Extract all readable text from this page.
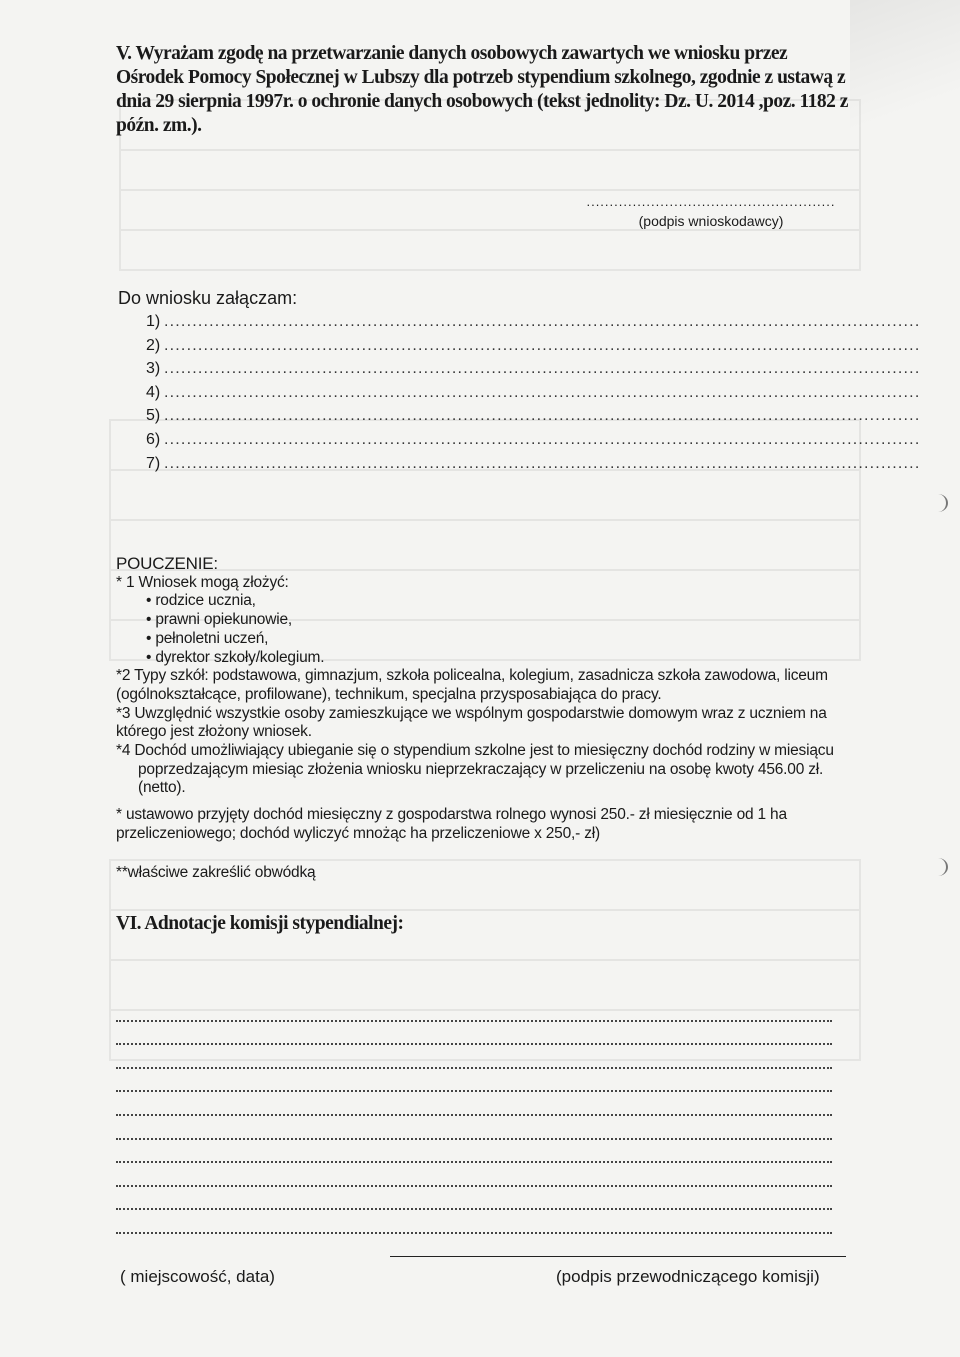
V. Wyrażam zgodę na przetwarzanie danych osobowych zawartych we wniosku przez Ośrodek Pomocy Społecznej w Lubszy dla potrzeb stypendium szkolnego, zgodnie z ustawą z dnia 29 sierpnia 1997r. o ochronie danych osobowych (tekst jednolity: Dz. U. 2014 ,poz. 1182 z późn. zm.).
......................................................
(podpis wnioskodawcy)
Do wniosku załączam:
1) ......................................................................................................................................
2) ......................................................................................................................................
3) ......................................................................................................................................
4) ......................................................................................................................................
5) ......................................................................................................................................
6) ......................................................................................................................................
7) ......................................................................................................................................
POUCZENIE:
* 1 Wniosek mogą złożyć:
• rodzice ucznia,
• prawni opiekunowie,
• pełnoletni uczeń,
• dyrektor szkoły/kolegium.
*2 Typy szkół: podstawowa, gimnazjum, szkoła policealna, kolegium, zasadnicza szkoła zawodowa, liceum (ogólnokształcące, profilowane), technikum, specjalna przysposabiająca do pracy.
*3 Uwzględnić wszystkie osoby zamieszkujące we wspólnym gospodarstwie domowym wraz z uczniem na którego jest złożony wniosek.
*4 Dochód umożliwiający ubieganie się o stypendium szkolne jest to miesięczny dochód rodziny w miesiącu
poprzedzającym miesiąc złożenia wniosku nieprzekraczający w przeliczeniu na osobę kwoty 456.00 zł. (netto).
* ustawowo przyjęty dochód miesięczny z gospodarstwa rolnego wynosi 250.- zł miesięcznie od 1 ha przeliczeniowego; dochód wyliczyć mnożąc ha przeliczeniowe x 250,- zł)
**właściwe zakreślić obwódką
VI. Adnotacje komisji stypendialnej:
( miejscowość, data)	(podpis przewodniczącego komisji)
